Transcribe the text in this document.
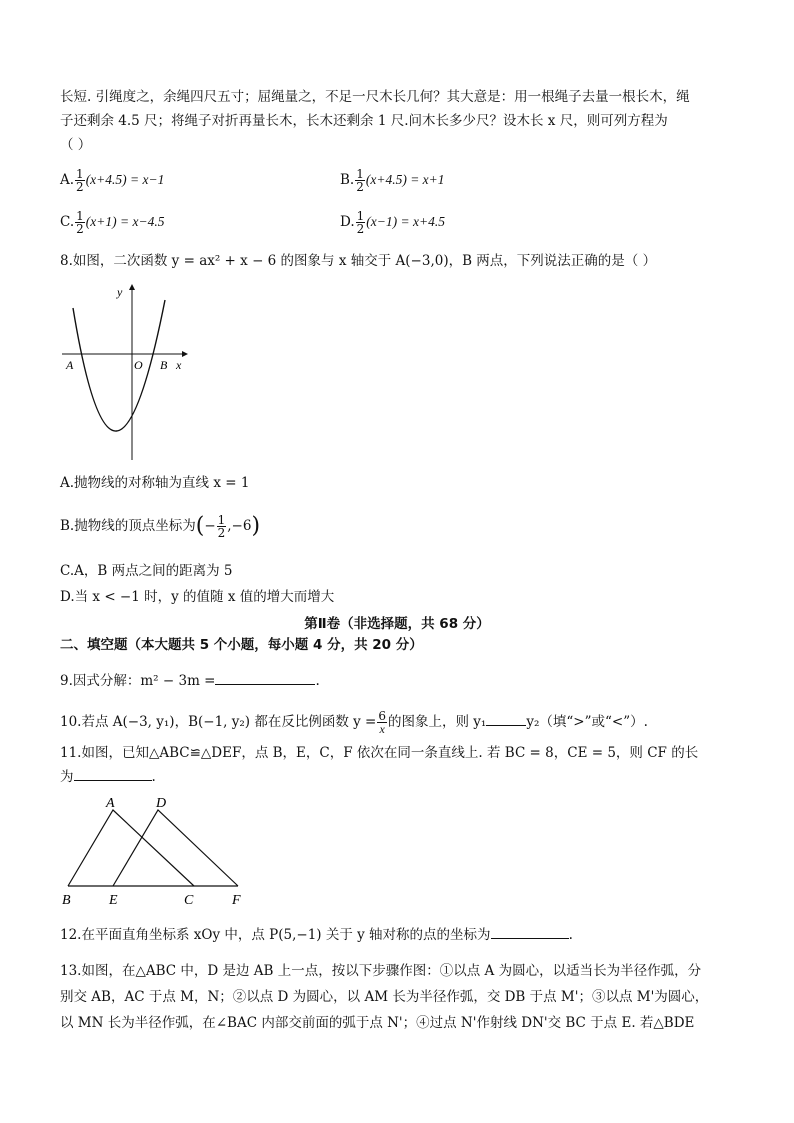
长短. 引绳度之，余绳四尺五寸；屈绳量之，不足一尺木长几何？其大意是：用一根绳子去量一根长木，绳
子还剩余 4.5 尺；将绳子对折再量长木，长木还剩余 1 尺.问木长多少尺？设木长 x 尺，则可列方程为
（ ）
A. $\frac{1}{2} (x+4.5) = x-1$	B. $\frac{1}{2} (x+4.5) = x+1$
C. $\frac{1}{2} (x+1) = x-4.5$	D. $\frac{1}{2} (x-1) = x+4.5$
8.如图，二次函数 y = ax² + x − 6 的图象与 x 轴交于 A(−3,0)，B 两点，下列说法正确的是（ ）
y
x
A	O B
A.抛物线的对称轴为直线 x = 1
B.抛物线的顶点坐标为(− $\frac{1}{2} ,-6$)
C.A，B 两点之间的距离为 5
D.当 x < −1 时，y 的值随 x 值的增大而增大
第Ⅱ卷（非选择题，共 68 分）
二、填空题（本大题共 5 个小题，每小题 4 分，共 20 分）
9.因式分解：m² − 3m =	.
10.若点 A(−3, y₁)，B(−1, y₂) 都在反比例函数 $y = \frac{6}{x}$ 的图象上，则 y₁	y₂（填“>”或“<”）.
11.如图，已知△ABC≌△DEF，点 B，E，C，F 依次在同一条直线上. 若 BC = 8，CE = 5，则 CF 的长
为	.
A	D
B	E	C	F
12.在平面直角坐标系 xOy 中，点 P(5,−1) 关于 y 轴对称的点的坐标为	.
13.如图，在△ABC 中，D 是边 AB 上一点，按以下步骤作图：①以点 A 为圆心，以适当长为半径作弧，分
别交 AB，AC 于点 M，N；②以点 D 为圆心，以 AM 长为半径作弧，交 DB 于点 M'；③以点 M'为圆心，
以 MN 长为半径作弧，在∠BAC 内部交前面的弧于点 N'；④过点 N'作射线 DN'交 BC 于点 E. 若△BDE
